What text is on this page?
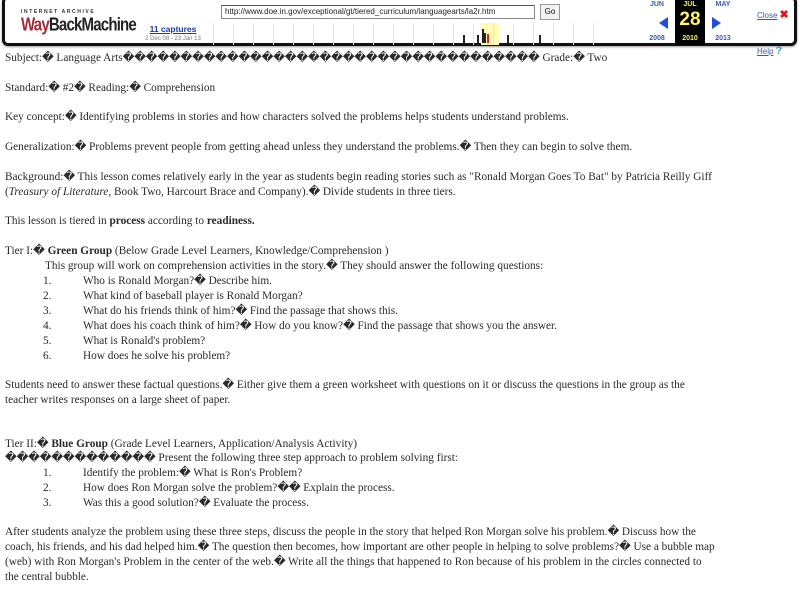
INTERNET ARCHIVE
WayBackMachine
http://www.doe.in.gov/exceptional/gt/tiered_curriculum/languagearts/la2r.htm	Go
11 captures
2 Dec 08 - 23 Jan 13
JUN
2008
JUL
28
2010
MAY
2013
Close ✖
Help ?

Subject:� Language Arts������������������������������������ Grade:� Two

Standard:� #2� Reading:� Comprehension

Key concept:� Identifying problems in stories and how characters solved the problems helps students understand problems.

Generalization:� Problems prevent people from getting ahead unless they understand the problems.� Then they can begin to solve them.

Background:� This lesson comes relatively early in the year as students begin reading stories such as "Ronald Morgan Goes To Bat" by Patricia Reilly Giff

(Treasury of Literature, Book Two, Harcourt Brace and Company).� Divide students in three tiers.

This lesson is tiered in process according to readiness.

Tier I:� Green Group (Below Grade Level Learners, Knowledge/Comprehension )

This group will work on comprehension activities in the story.� They should answer the following questions:

1.	Who is Ronald Morgan?� Describe him.
2.	What kind of baseball player is Ronald Morgan?
3.	What do his friends think of him?� Find the passage that shows this.
4.	What does his coach think of him?� How do you know?� Find the passage that shows you the answer.
5.	What is Ronald's problem?
6.	How does he solve his problem?

Students need to answer these factual questions.� Either give them a green worksheet with questions on it or discuss the questions in the group as the

teacher writes responses on a large sheet of paper.

Tier II:� Blue Group (Grade Level Learners, Application/Analysis Activity)

������������� Present the following three step approach to problem solving first:

1.	Identify the problem:� What is Ron's Problem?
2.	How does Ron Morgan solve the problem?�� Explain the process.
3.	Was this a good solution?� Evaluate the process.

After students analyze the problem using these three steps, discuss the people in the story that helped Ron Morgan solve his problem.� Discuss how the

coach, his friends, and his dad helped him.� The question then becomes, how important are other people in helping to solve problems?� Use a bubble map

(web) with Ron Morgan's Problem in the center of the web.� Write all the things that happened to Ron because of his problem in the circles connected to

the central bubble.
